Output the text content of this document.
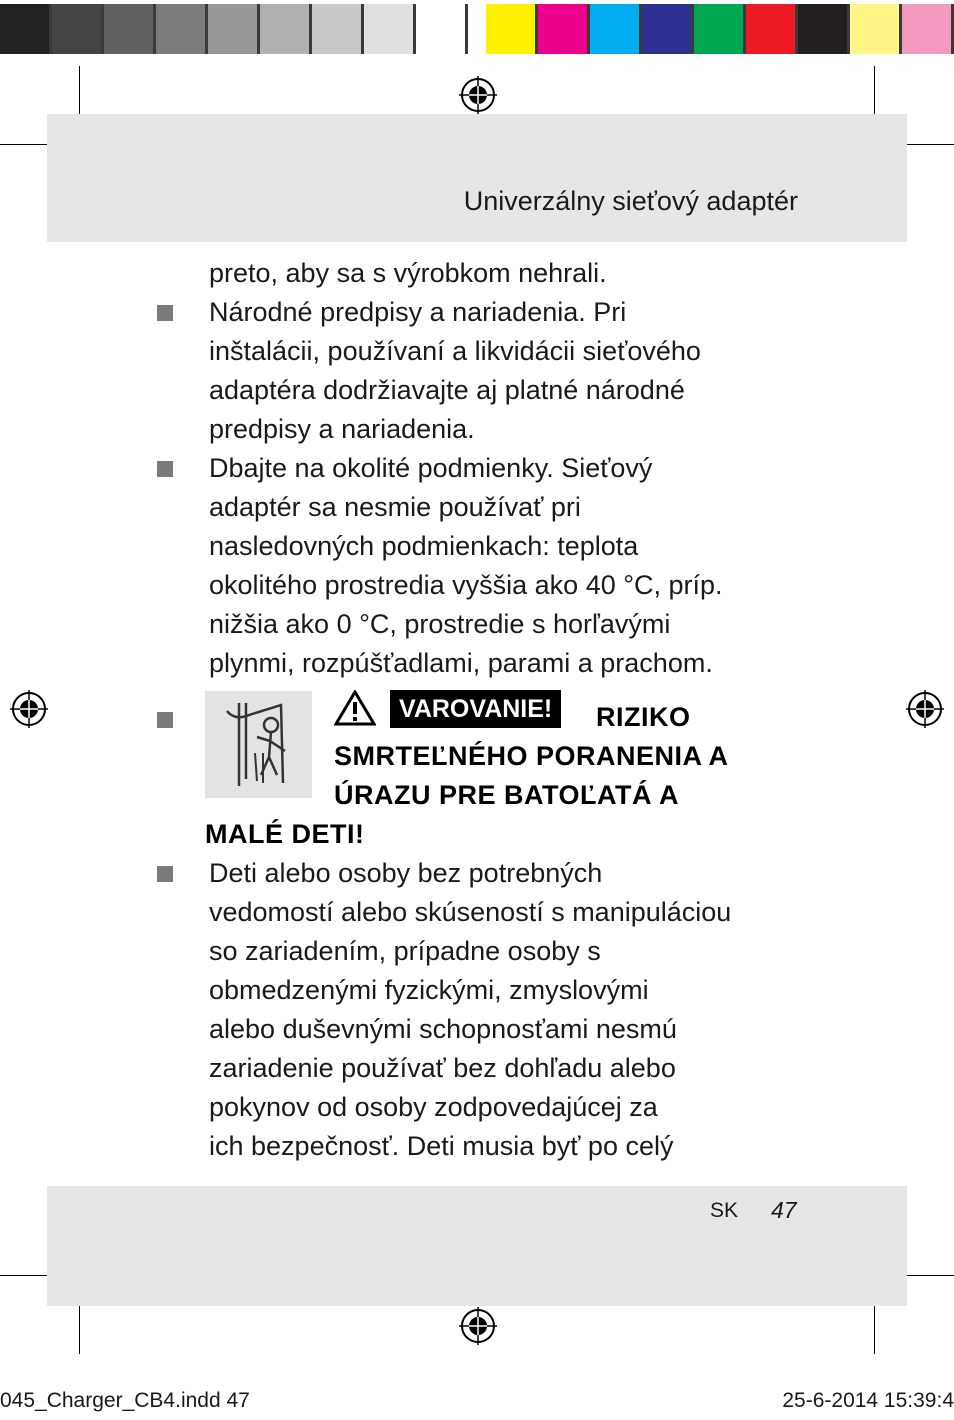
Univerzálny sieťový adaptér

preto, aby sa s výrobkom nehrali.

Národné predpisy a nariadenia. Pri
inštalácii, používaní a likvidácii sieťového
adaptéra dodržiavajte aj platné národné
predpisy a nariadenia.

Dbajte na okolité podmienky. Sieťový
adaptér sa nesmie používať pri
nasledovných podmienkach: teplota
okolitého prostredia vyššia ako 40 °C, príp.
nižšia ako 0 °C, prostredie s horľavými
plynmi, rozpúšťadlami, parami a prachom.

VAROVANIE!	RIZIKO
SMRTEĽNÉHO PORANENIA A
ÚRAZU PRE BATOĽATÁ A
MALÉ DETI!

Deti alebo osoby bez potrebných
vedomostí alebo skúseností s manipuláciou
so zariadením, prípadne osoby s
obmedzenými fyzickými, zmyslovými
alebo duševnými schopnosťami nesmú
zariadenie používať bez dohľadu alebo
pokynov od osoby zodpovedajúcej za
ich bezpečnosť. Deti musia byť po celý

SK 47
045_Charger_CB4.indd 47	25-6-2014 15:39:4
